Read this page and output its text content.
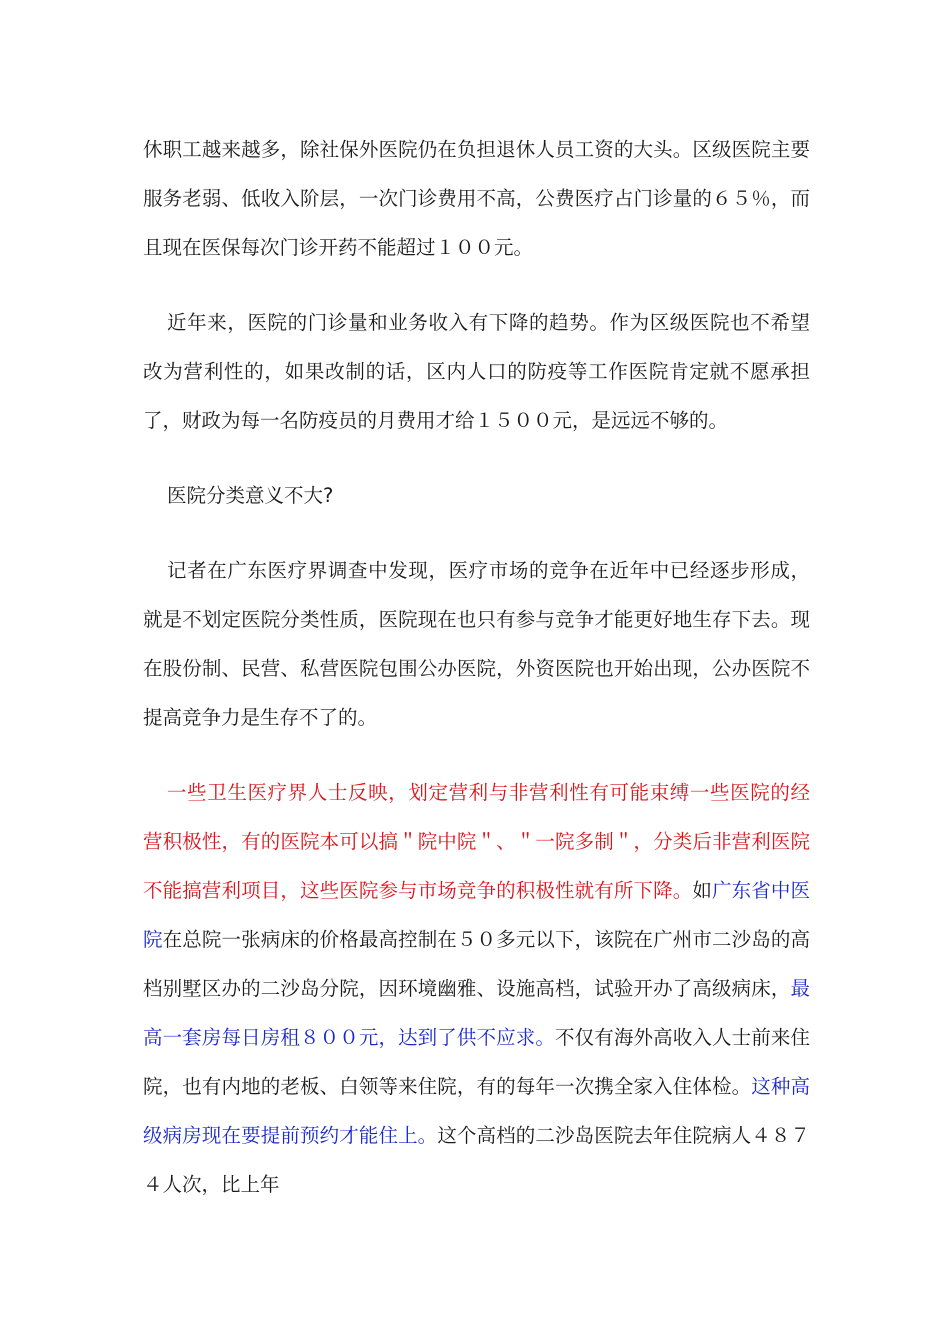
休职工越来越多，除社保外医院仍在负担退休人员工资的大头。区级医院主要服务老弱、低收入阶层，一次门诊费用不高，公费医疗占门诊量的６５％，而且现在医保每次门诊开药不能超过１００元。

近年来，医院的门诊量和业务收入有下降的趋势。作为区级医院也不希望改为营利性的，如果改制的话，区内人口的防疫等工作医院肯定就不愿承担了，财政为每一名防疫员的月费用才给１５００元，是远远不够的。

医院分类意义不大?

记者在广东医疗界调查中发现，医疗市场的竞争在近年中已经逐步形成，就是不划定医院分类性质，医院现在也只有参与竞争才能更好地生存下去。现在股份制、民营、私营医院包围公办医院，外资医院也开始出现，公办医院不提高竞争力是生存不了的。

一些卫生医疗界人士反映，划定营利与非营利性有可能束缚一些医院的经营积极性，有的医院本可以搞＂院中院＂、＂一院多制＂，分类后非营利医院不能搞营利项目，这些医院参与市场竞争的积极性就有所下降。如广东省中医院在总院一张病床的价格最高控制在５０多元以下，该院在广州市二沙岛的高档别墅区办的二沙岛分院，因环境幽雅、设施高档，试验开办了高级病床，最高一套房每日房租８００元，达到了供不应求。不仅有海外高收入人士前来住院，也有内地的老板、白领等来住院，有的每年一次携全家入住体检。这种高级病房现在要提前预约才能住上。这个高档的二沙岛医院去年住院病人４８７４人次，比上年
